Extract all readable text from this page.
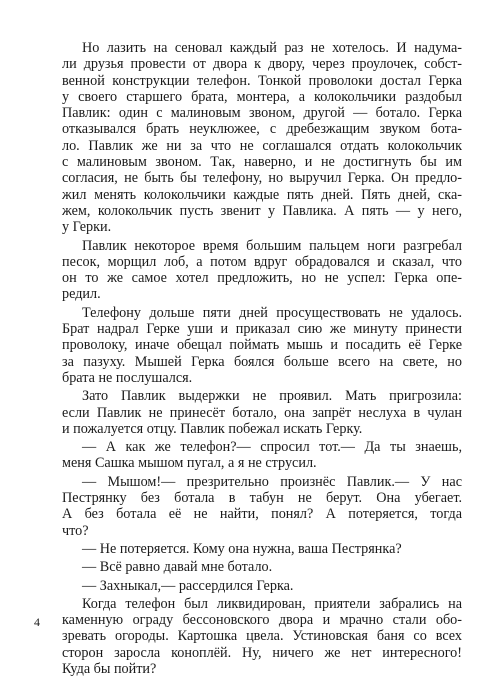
Но лазить на сеновал каждый раз не хотелось. И надума-
ли друзья провести от двора к двору, через проулочек, собст-
венной конструкции телефон. Тонкой проволоки достал Герка
у своего старшего брата, монтера, а колокольчики раздобыл
Павлик: один с малиновым звоном, другой — ботало. Герка
отказывался брать неуклюжее, с дребезжащим звуком бота-
ло. Павлик же ни за что не соглашался отдать колокольчик
с малиновым звоном. Так, наверно, и не достигнуть бы им
согласия, не быть бы телефону, но выручил Герка. Он предло-
жил менять колокольчики каждые пять дней. Пять дней, ска-
жем, колокольчик пусть звенит у Павлика. А пять — у него,
у Герки.
Павлик некоторое время большим пальцем ноги разгребал
песок, морщил лоб, а потом вдруг обрадовался и сказал, что
он то же самое хотел предложить, но не успел: Герка опе-
редил.
Телефону дольше пяти дней просуществовать не удалось.
Брат надрал Герке уши и приказал сию же минуту принести
проволоку, иначе обещал поймать мышь и посадить её Герке
за пазуху. Мышей Герка боялся больше всего на свете, но
брата не послушался.
Зато Павлик выдержки не проявил. Мать пригрозила:
если Павлик не принесёт ботало, она запрёт неслуха в чулан
и пожалуется отцу. Павлик побежал искать Герку.
— А как же телефон?— спросил тот.— Да ты знаешь,
меня Сашка мышом пугал, а я не струсил.
— Мышом!— презрительно произнёс Павлик.— У нас
Пестрянку без ботала в табун не берут. Она убегает.
А без ботала её не найти, понял? А потеряется, тогда
что?
— Не потеряется. Кому она нужна, ваша Пестрянка?
— Всё равно давай мне ботало.
— Захныкал,— рассердился Герка.
Когда телефон был ликвидирован, приятели забрались на
каменную ограду бессоновского двора и мрачно стали обо-
зревать огороды. Картошка цвела. Устиновская баня со всех
сторон заросла коноплёй. Ну, ничего же нет интересного!
Куда бы пойти?
4
